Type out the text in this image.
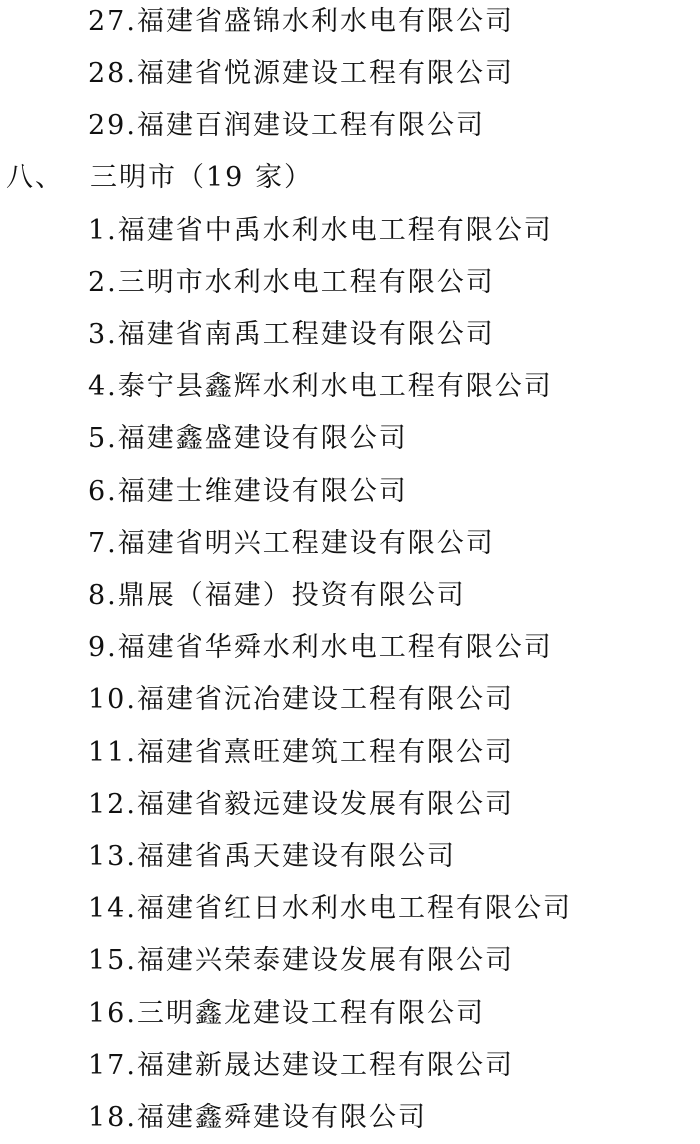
27.福建省盛锦水利水电有限公司
28.福建省悦源建设工程有限公司
29.福建百润建设工程有限公司
八、 三明市（19 家）
1.福建省中禹水利水电工程有限公司
2.三明市水利水电工程有限公司
3.福建省南禹工程建设有限公司
4.泰宁县鑫辉水利水电工程有限公司
5.福建鑫盛建设有限公司
6.福建士维建设有限公司
7.福建省明兴工程建设有限公司
8.鼎展（福建）投资有限公司
9.福建省华舜水利水电工程有限公司
10.福建省沅冶建设工程有限公司
11.福建省熹旺建筑工程有限公司
12.福建省毅远建设发展有限公司
13.福建省禹天建设有限公司
14.福建省红日水利水电工程有限公司
15.福建兴荣泰建设发展有限公司
16.三明鑫龙建设工程有限公司
17.福建新晟达建设工程有限公司
18.福建鑫舜建设有限公司
